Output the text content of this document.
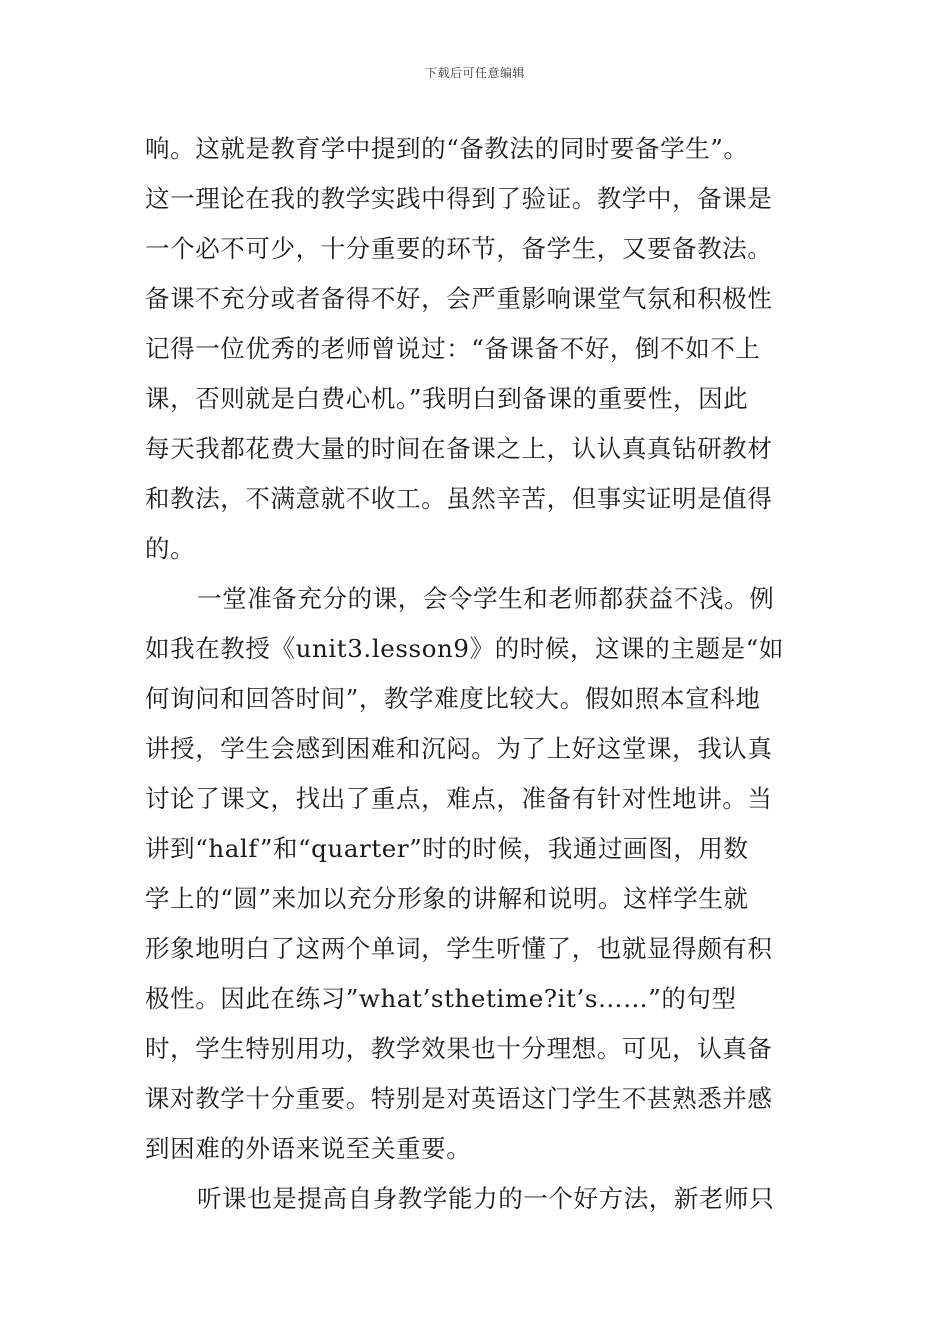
下载后可任意编辑
响。这就是教育学中提到的“备教法的同时要备学生”。
这一理论在我的教学实践中得到了验证。教学中，备课是
一个必不可少，十分重要的环节，备学生，又要备教法。
备课不充分或者备得不好，会严重影响课堂气氛和积极性
记得一位优秀的老师曾说过：“备课备不好，倒不如不上
课，否则就是白费心机。”我明白到备课的重要性，因此
每天我都花费大量的时间在备课之上，认认真真钻研教材
和教法，不满意就不收工。虽然辛苦，但事实证明是值得
的。
一堂准备充分的课，会令学生和老师都获益不浅。例
如我在教授《unit3.lesson9》的时候，这课的主题是“如
何询问和回答时间”，教学难度比较大。假如照本宣科地
讲授，学生会感到困难和沉闷。为了上好这堂课，我认真
讨论了课文，找出了重点，难点，准备有针对性地讲。当
讲到“half”和“quarter”时的时候，我通过画图，用数
学上的“圆”来加以充分形象的讲解和说明。这样学生就
形象地明白了这两个单词，学生听懂了，也就显得颇有积
极性。因此在练习”what’sthetime?it’s……”的句型
时，学生特别用功，教学效果也十分理想。可见，认真备
课对教学十分重要。特别是对英语这门学生不甚熟悉并感
到困难的外语来说至关重要。
听课也是提高自身教学能力的一个好方法，新老师只
